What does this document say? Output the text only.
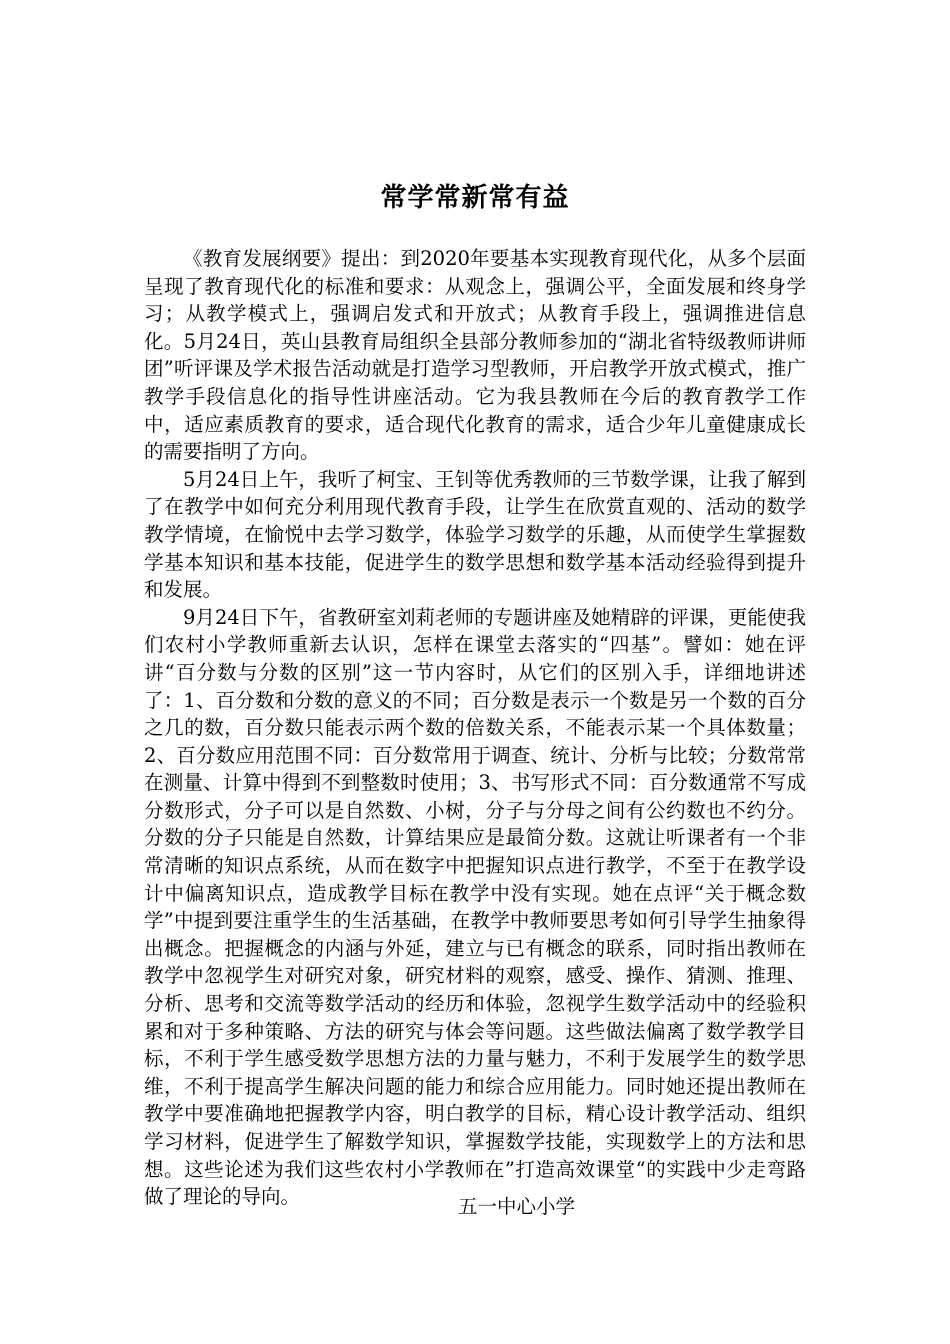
常学常新常有益

《教育发展纲要》提出：到2020年要基本实现教育现代化，从多个层面呈现了教育现代化的标准和要求：从观念上，强调公平，全面发展和终身学习；从教学模式上，强调启发式和开放式；从教育手段上，强调推进信息化。5月24日，英山县教育局组织全县部分教师参加的“湖北省特级教师讲师团”听评课及学术报告活动就是打造学习型教师，开启教学开放式模式，推广教学手段信息化的指导性讲座活动。它为我县教师在今后的教育教学工作中，适应素质教育的要求，适合现代化教育的需求，适合少年儿童健康成长的需要指明了方向。

5月24日上午，我听了柯宝、王钊等优秀教师的三节数学课，让我了解到了在教学中如何充分利用现代教育手段，让学生在欣赏直观的、活动的数学教学情境，在愉悦中去学习数学，体验学习数学的乐趣，从而使学生掌握数学基本知识和基本技能，促进学生的数学思想和数学基本活动经验得到提升和发展。

9月24日下午，省教研室刘莉老师的专题讲座及她精辟的评课，更能使我们农村小学教师重新去认识，怎样在课堂去落实的“四基”。譬如：她在评讲“百分数与分数的区别”这一节内容时，从它们的区别入手，详细地讲述了：1、百分数和分数的意义的不同；百分数是表示一个数是另一个数的百分之几的数，百分数只能表示两个数的倍数关系，不能表示某一个具体数量；2、百分数应用范围不同：百分数常用于调查、统计、分析与比较；分数常常在测量、计算中得到不到整数时使用；3、书写形式不同：百分数通常不写成分数形式，分子可以是自然数、小树，分子与分母之间有公约数也不约分。分数的分子只能是自然数，计算结果应是最简分数。这就让听课者有一个非常清晰的知识点系统，从而在数字中把握知识点进行教学，不至于在教学设计中偏离知识点，造成教学目标在教学中没有实现。她在点评“关于概念数学”中提到要注重学生的生活基础，在教学中教师要思考如何引导学生抽象得出概念。把握概念的内涵与外延，建立与已有概念的联系，同时指出教师在教学中忽视学生对研究对象，研究材料的观察，感受、操作、猜测、推理、分析、思考和交流等数学活动的经历和体验，忽视学生数学活动中的经验积累和对于多种策略、方法的研究与体会等问题。这些做法偏离了数学教学目标，不利于学生感受数学思想方法的力量与魅力，不利于发展学生的数学思维，不利于提高学生解决问题的能力和综合应用能力。同时她还提出教师在教学中要准确地把握教学内容，明白教学的目标，精心设计教学活动、组织学习材料，促进学生了解数学知识，掌握数学技能，实现数学上的方法和思想。这些论述为我们这些农村小学教师在”打造高效课堂“的实践中少走弯路做了理论的导向。	五一中心小学
